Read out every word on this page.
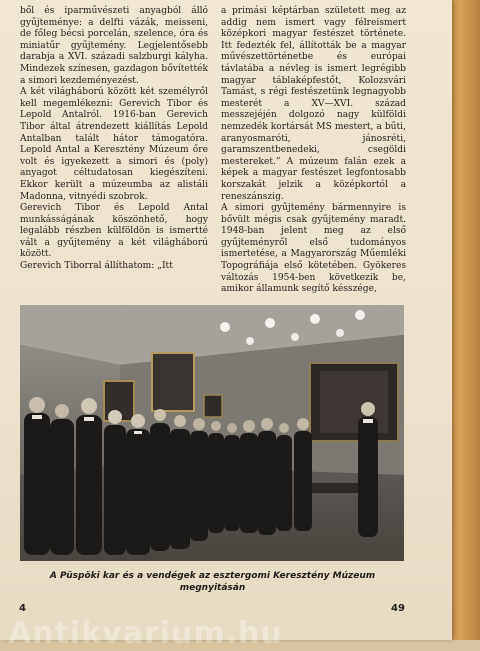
ből és iparművészeti anyagból álló gyűjteménye: a delfti vázák, meisseni, de főleg bécsi porcelán, szelence, óra és miniatűr gyűjtemény. Legjelentősebb darabja a XVI. századi salzburgi kályha. Mindezek színesen, gazdagon bővítették a simori kezdeményezést.
A két világháború között két személyről kell megemlékezni: Gerevich Tibor és Lepold Antalról. 1916-ban Gerevich Tibor által átrendezett kiállítás Lepold Antalban talált hátor támogatóra. Lepold Antal a Keresztény Múzeum őre volt és igyekezett a simori és (poly) anyagot céltudatosan kiegészíteni. Ekkor került a múzeumba az alistáli Madonna, vitnyédi szobrok.
Gerevich Tibor és Lepold Antal munkásságának köszönhető, hogy legalább részben külföldön is ismertté vált a gyűjtemény a két világháború között.
Gerevich Tiborral állíthatom: „Itt
a primási képtárban született meg az addig nem ismert vagy félreismert középkori magyar festészet története. Itt fedezték fel, állították be a magyar művészettörténetbe és európai távlatába a névleg is ismert legrégibb magyar táblaképfestőt, Kolozsvári Tamást, s régi festészetünk legnagyobb mesterét a XV—XVI. század messzejéjén dolgozó nagy külföldi nemzedék kortársát MS mestert, a bűti, aranyosmaróti, jánosréti, garamszentbenedeki, csegöldi mestereket.” A múzeum falán ezek a képek a magyar festészet legfontosabb korszakát jelzik a középkortól a reneszánszig.
A simori gyűjtemény bármennyire is bővült mégis csak gyűjtemény maradt. 1948-ban jelent meg az első gyűjteményről első tudományos ismertetése, a Magyarország Műemléki Topográfiája első kötetében. Gyökeres változás 1954-ben következik be, amikor államunk segítő késszége,
A Püspöki kar és a vendégek az esztergomi Keresztény Múzeum megnyitásán
4	49
Antikvarium.hu
